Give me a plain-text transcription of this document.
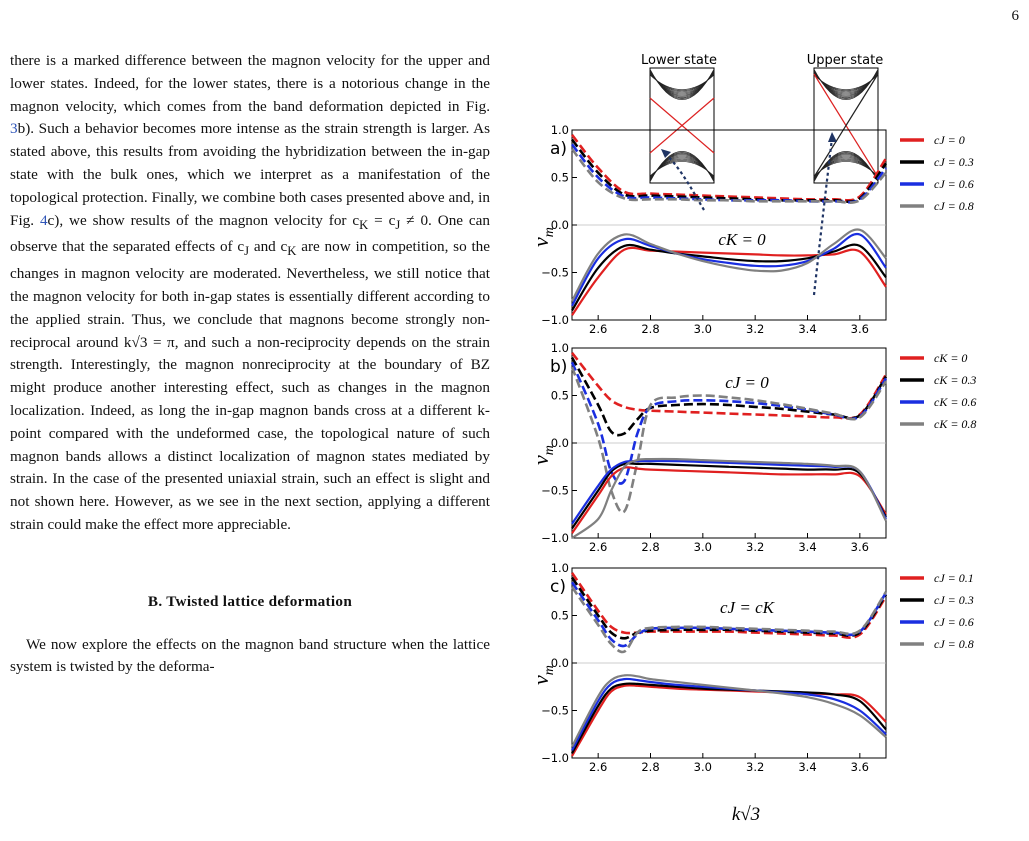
6

there is a marked difference between the magnon velocity for the upper and lower states. Indeed, for the lower states, there is a notorious change in the magnon velocity, which comes from the band deformation depicted in Fig. 3b). Such a behavior becomes more intense as the strain strength is larger. As stated above, this results from avoiding the hybridization between the in-gap state with the bulk ones, which we interpret as a manifestation of the topological protection. Finally, we combine both cases presented above and, in Fig. 4c), we show results of the magnon velocity for $c_K = c_J \ne 0$. One can observe that the separated effects of $c_J$ and $c_K$ are now in competition, so the changes in magnon velocity are moderated. Nevertheless, we still notice that the magnon velocity for both in-gap states is essentially different according to the applied strain. Thus, we conclude that magnons become strongly non-reciprocal around k√3 = π, and such a non-reciprocity depends on the strain strength. Interestingly, the magnon nonreciprocity at the boundary of BZ might produce another interesting effect, such as changes in the magnon localization. Indeed, as long the in-gap magnon bands cross at a different k-point compared with the undeformed case, the topological nature of such magnon bands allows a distinct localization of magnon states mediated by strain. In the case of the presented uniaxial strain, such an effect is slight and not shown here. However, as we see in the next section, applying a different strain could make the effect more appreciable.

B. Twisted lattice deformation

We now explore the effects on the magnon band structure when the lattice system is twisted by the deforma-

Lower state	Upper state
1.0
0.5
0.0
−0.5
−1.0
2.6	2.8	3.0	3.2	3.4	3.6
a)
$v_m$	cK = 0
cJ = 0
cJ = 0.3
cJ = 0.6
cJ = 0.8
1.0
0.5
0.0
−0.5
−1.0
2.6	2.8	3.0	3.2	3.4	3.6
b)
$v_m$
cJ = 0
cK = 0
cK = 0.3
cK = 0.6
cK = 0.8
1.0
0.5
0.0
−0.5
−1.0
2.6	2.8	3.0	3.2	3.4	3.6
c)
$v_m$
cJ = cK
cJ = 0.1
cJ = 0.3
cJ = 0.6
cJ = 0.8
k√3
